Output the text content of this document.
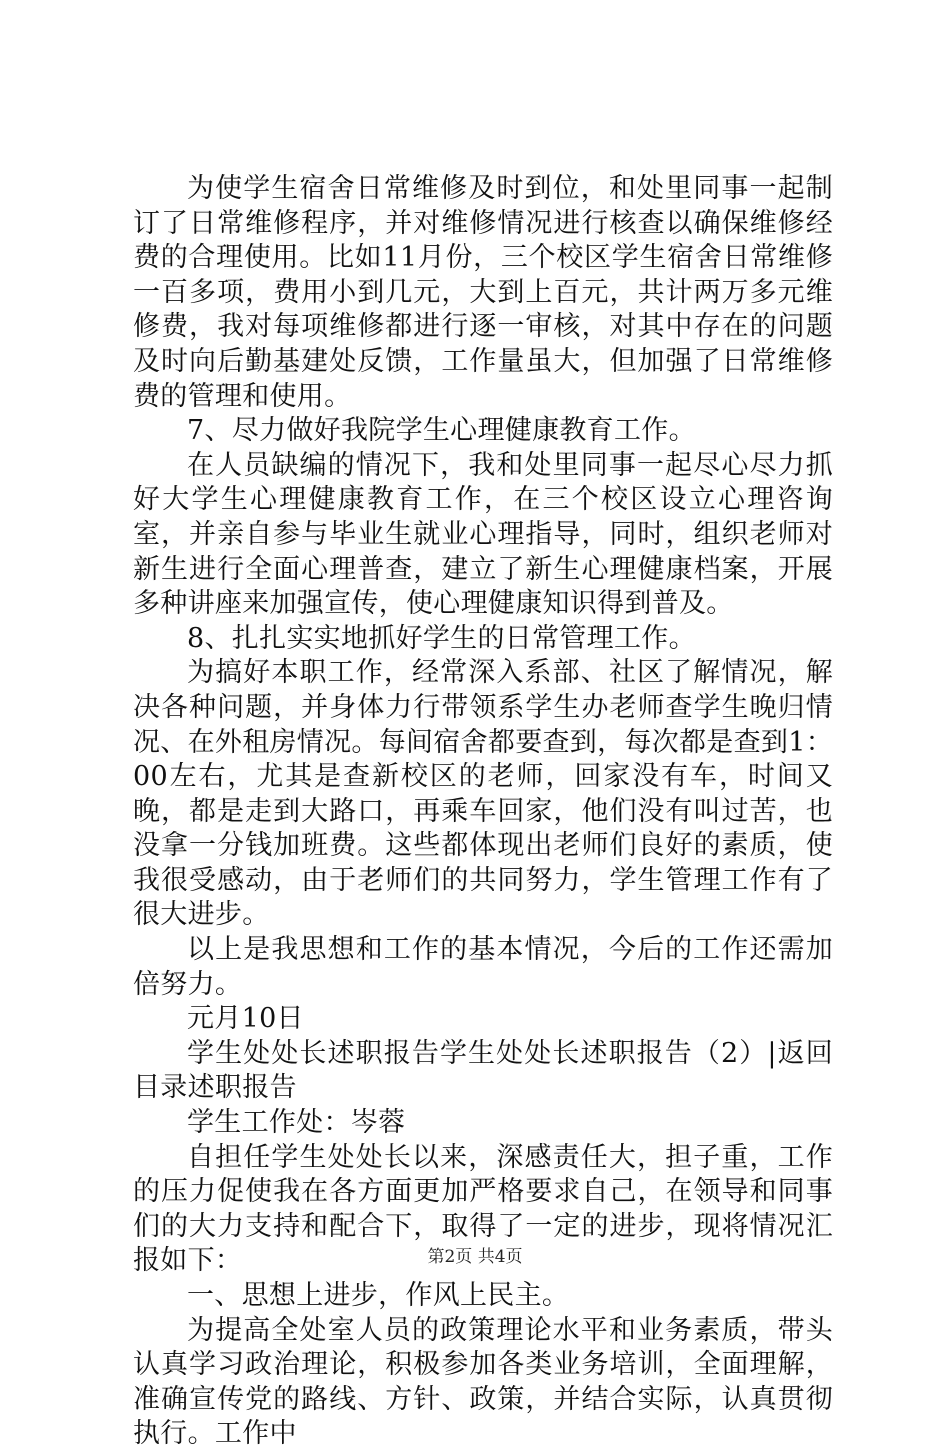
为使学生宿舍日常维修及时到位，和处里同事一起制订了日常维修程序，并对维修情况进行核查以确保维修经费的合理使用。比如11月份，三个校区学生宿舍日常维修一百多项，费用小到几元，大到上百元，共计两万多元维修费，我对每项维修都进行逐一审核，对其中存在的问题及时向后勤基建处反馈，工作量虽大，但加强了日常维修费的管理和使用。

7、尽力做好我院学生心理健康教育工作。

在人员缺编的情况下，我和处里同事一起尽心尽力抓好大学生心理健康教育工作，在三个校区设立心理咨询室，并亲自参与毕业生就业心理指导，同时，组织老师对新生进行全面心理普查，建立了新生心理健康档案，开展多种讲座来加强宣传，使心理健康知识得到普及。

8、扎扎实实地抓好学生的日常管理工作。

为搞好本职工作，经常深入系部、社区了解情况，解决各种问题，并身体力行带领系学生办老师查学生晚归情况、在外租房情况。每间宿舍都要查到，每次都是查到1：00左右，尤其是查新校区的老师，回家没有车，时间又晚，都是走到大路口，再乘车回家，他们没有叫过苦，也没拿一分钱加班费。这些都体现出老师们良好的素质，使我很受感动，由于老师们的共同努力，学生管理工作有了很大进步。

以上是我思想和工作的基本情况，今后的工作还需加倍努力。

元月10日

学生处处长述职报告学生处处长述职报告（2）|返回目录述职报告

学生工作处：岑蓉

自担任学生处处长以来，深感责任大，担子重，工作的压力促使我在各方面更加严格要求自己，在领导和同事们的大力支持和配合下，取得了一定的进步，现将情况汇报如下：

一、思想上进步，作风上民主。

为提高全处室人员的政策理论水平和业务素质，带头认真学习政治理论，积极参加各类业务培训，全面理解，准确宣传党的路线、方针、政策，并结合实际，认真贯彻执行。工作中

第2页 共4页
